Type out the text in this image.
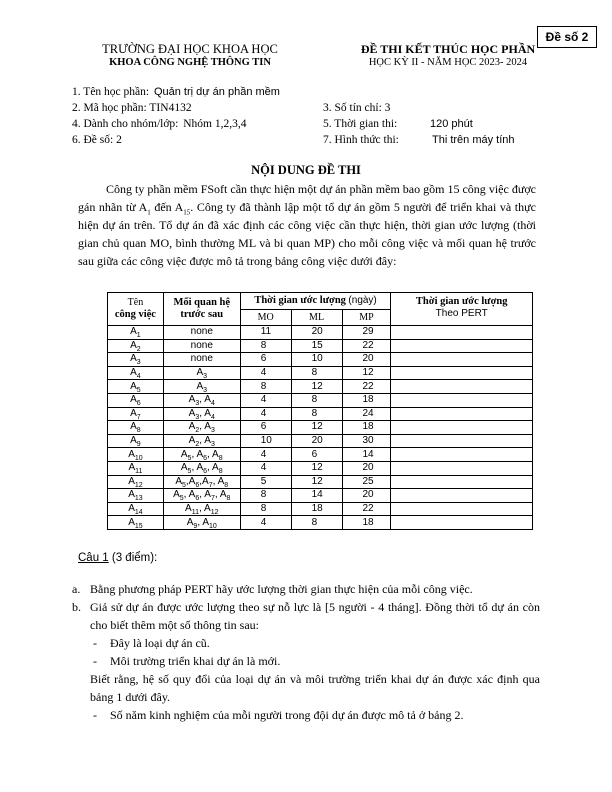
Đề số 2
TRƯỜNG ĐẠI HỌC KHOA HỌC
KHOA CÔNG NGHỆ THÔNG TIN
ĐỀ THI KẾT THÚC HỌC PHẦN
HỌC KỲ II - NĂM HỌC 2023- 2024
1. Tên học phần: Quản trị dự án phần mềm
2. Mã học phần: TIN4132
4. Dành cho nhóm/lớp: Nhóm 1,2,3,4
6. Đề số: 2
3. Số tín chỉ: 3
5. Thời gian thi:	120 phút
7. Hình thức thi:	Thi trên máy tính
NỘI DUNG ĐỀ THI

Công ty phần mềm FSoft cần thực hiện một dự án phần mềm bao gồm 15 công việc được gán nhãn từ $A_1$ đến $A_{15}$. Công ty đã thành lập một tổ dự án gồm 5 người để triển khai và thực hiện dự án trên. Tổ dự án đã xác định các công việc cần thực hiện, thời gian ước lượng (thời gian chủ quan MO, bình thường ML và bi quan MP) cho mỗi công việc và mối quan hệ trước sau giữa các công việc được mô tả trong bảng công việc dưới đây:

Tên
công việc	Mối quan hệ
trước sau	Thời gian ước lượng (ngày)			Thời gian ước lượng
Theo PERT
		MO	ML	MP	
$A_1$	none	11	20	29	
$A_2$	none	8	15	22	
$A_3$	none	6	10	20	
$A_4$	$A_3$	4	8	12	
$A_5$	$A_3$	8	12	22	
$A_6$	$A_3$, $A_4$	4	8	18	
$A_7$	$A_3$, $A_4$	4	8	24	
$A_8$	$A_2$, $A_3$	6	12	18	
$A_9$	$A_2$, $A_3$	10	20	30	
$A_{10}$	$A_5$, $A_6$, $A_8$	4	6	14	
$A_{11}$	$A_5$, $A_6$, $A_8$	4	12	20	
$A_{12}$	$A_5,A_6,A_7$, $A_8$	5	12	25	
$A_{13}$	$A_5$, $A_6$, $A_7$, $A_8$	8	14	20	
$A_{14}$	$A_{11}$, $A_{12}$	8	18	22	
$A_{15}$	$A_9$, $A_{10}$	4	8	18	
Câu 1 (3 điểm):
a. Bằng phương pháp PERT hãy ước lượng thời gian thực hiện của mỗi công việc.
b. Giả sử dự án được ước lượng theo sự nỗ lực là [5 người - 4 tháng]. Đồng thời tổ dự án còn cho biết thêm một số thông tin sau:
- Đây là loại dự án cũ.
- Môi trường triển khai dự án là mới.
Biết rằng, hệ số quy đổi của loại dự án và môi trường triển khai dự án được xác định qua bảng 1 dưới đây.
- Số năm kinh nghiệm của mỗi người trong đội dự án được mô tả ở bảng 2.
